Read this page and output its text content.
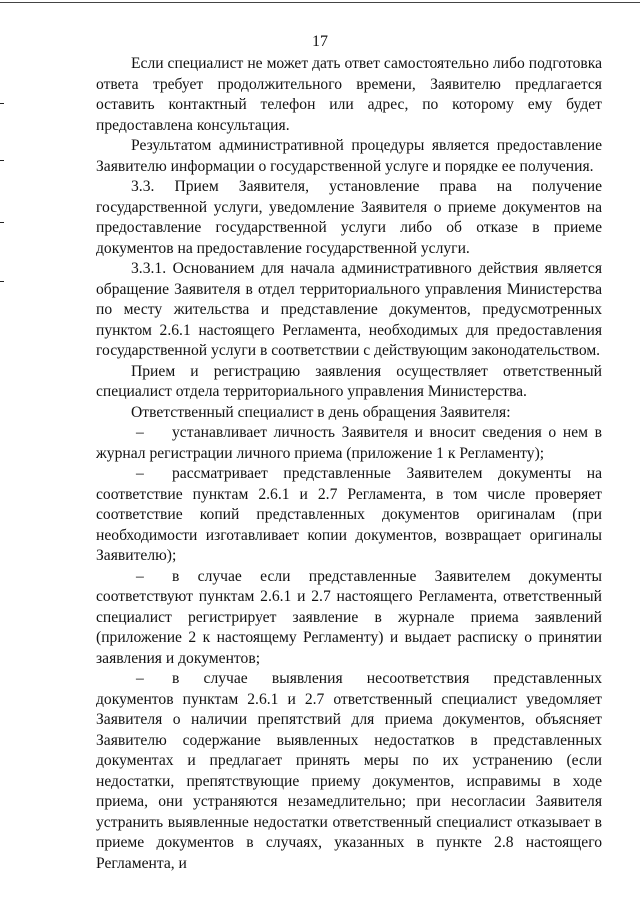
17

Если специалист не может дать ответ самостоятельно либо подготовка ответа требует продолжительного времени, Заявителю предлагается оставить контактный телефон или адрес, по которому ему будет предоставлена консультация.

Результатом административной процедуры является предоставление Заявителю информации о государственной услуге и порядке ее получения.

3.3. Прием Заявителя, установление права на получение государственной услуги, уведомление Заявителя о приеме документов на предоставление государственной услуги либо об отказе в приеме документов на предоставление государственной услуги.

3.3.1. Основанием для начала административного действия является обращение Заявителя в отдел территориального управления Министерства по месту жительства и представление документов, предусмотренных пунктом 2.6.1 настоящего Регламента, необходимых для предоставления государственной услуги в соответствии с действующим законодательством.

Прием и регистрацию заявления осуществляет ответственный специалист отдела территориального управления Министерства.

Ответственный специалист в день обращения Заявителя:

– устанавливает личность Заявителя и вносит сведения о нем в журнал регистрации личного приема (приложение 1 к Регламенту);

– рассматривает представленные Заявителем документы на соответствие пунктам 2.6.1 и 2.7 Регламента, в том числе проверяет соответствие копий представленных документов оригиналам (при необходимости изготавливает копии документов, возвращает оригиналы Заявителю);

– в случае если представленные Заявителем документы соответствуют пунктам 2.6.1 и 2.7 настоящего Регламента, ответственный специалист регистрирует заявление в журнале приема заявлений (приложение 2 к настоящему Регламенту) и выдает расписку о принятии заявления и документов;

– в случае выявления несоответствия представленных документов пунктам 2.6.1 и 2.7 ответственный специалист уведомляет Заявителя о наличии препятствий для приема документов, объясняет Заявителю содержание выявленных недостатков в представленных документах и предлагает принять меры по их устранению (если недостатки, препятствующие приему документов, исправимы в ходе приема, они устраняются незамедлительно; при несогласии Заявителя устранить выявленные недостатки ответственный специалист отказывает в приеме документов в случаях, указанных в пункте 2.8 настоящего Регламента, и
